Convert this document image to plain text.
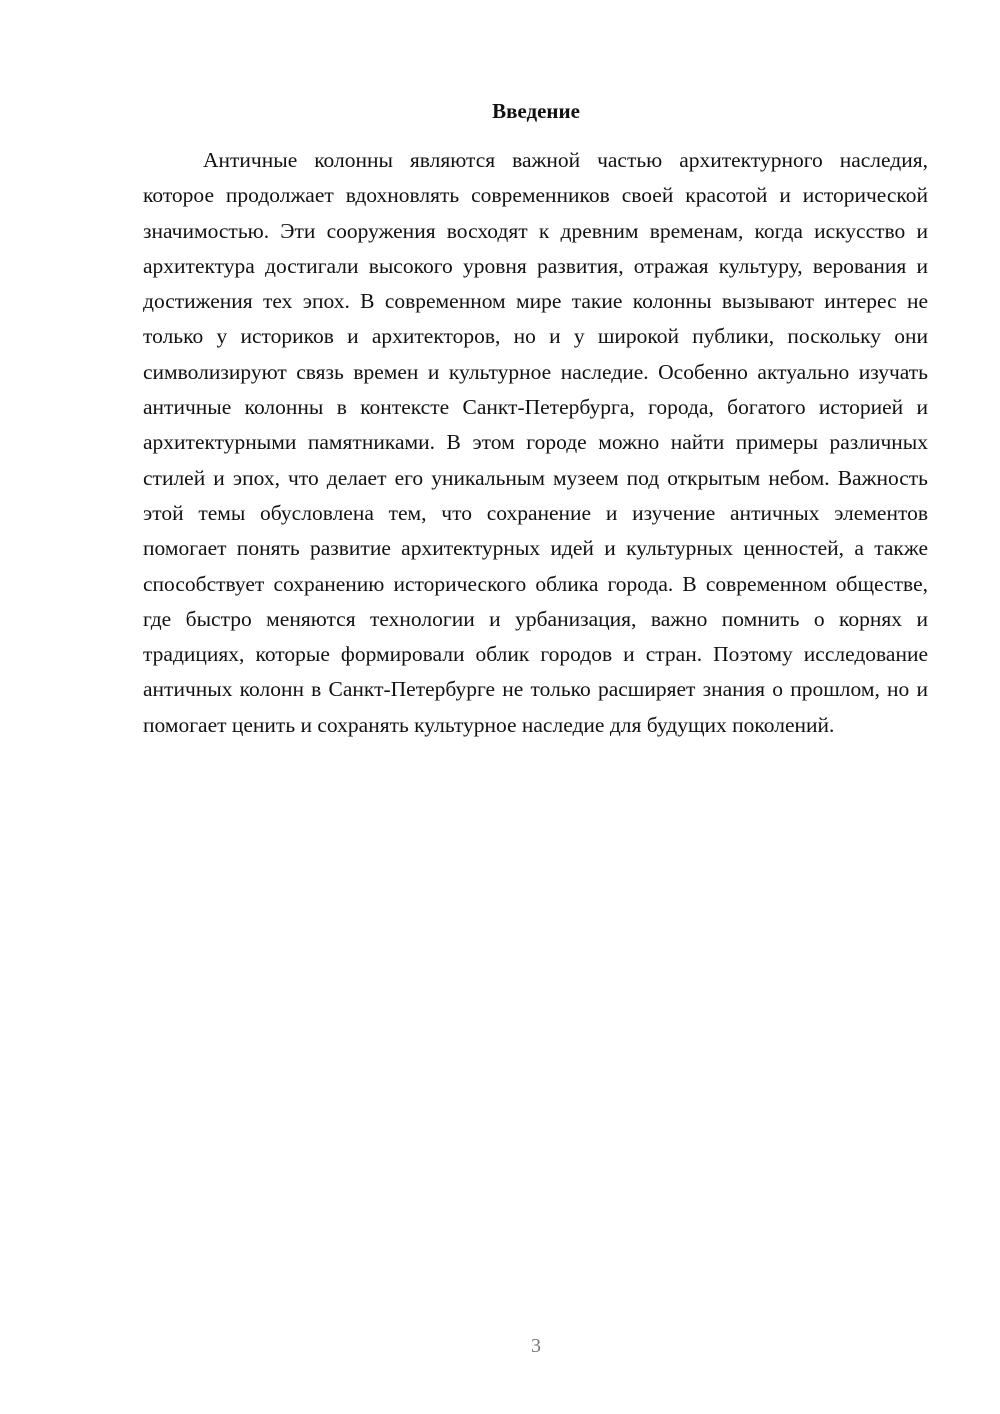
Введение

Античные колонны являются важной частью архитектурного наследия, которое продолжает вдохновлять современников своей красотой и исторической значимостью. Эти сооружения восходят к древним временам, когда искусство и архитектура достигали высокого уровня развития, отражая культуру, верования и достижения тех эпох. В современном мире такие колонны вызывают интерес не только у историков и архитекторов, но и у широкой публики, поскольку они символизируют связь времен и культурное наследие. Особенно актуально изучать античные колонны в контексте Санкт-Петербурга, города, богатого историей и архитектурными памятниками. В этом городе можно найти примеры различных стилей и эпох, что делает его уникальным музеем под открытым небом. Важность этой темы обусловлена тем, что сохранение и изучение античных элементов помогает понять развитие архитектурных идей и культурных ценностей, а также способствует сохранению исторического облика города. В современном обществе, где быстро меняются технологии и урбанизация, важно помнить о корнях и традициях, которые формировали облик городов и стран. Поэтому исследование античных колонн в Санкт-Петербурге не только расширяет знания о прошлом, но и помогает ценить и сохранять культурное наследие для будущих поколений.

3
